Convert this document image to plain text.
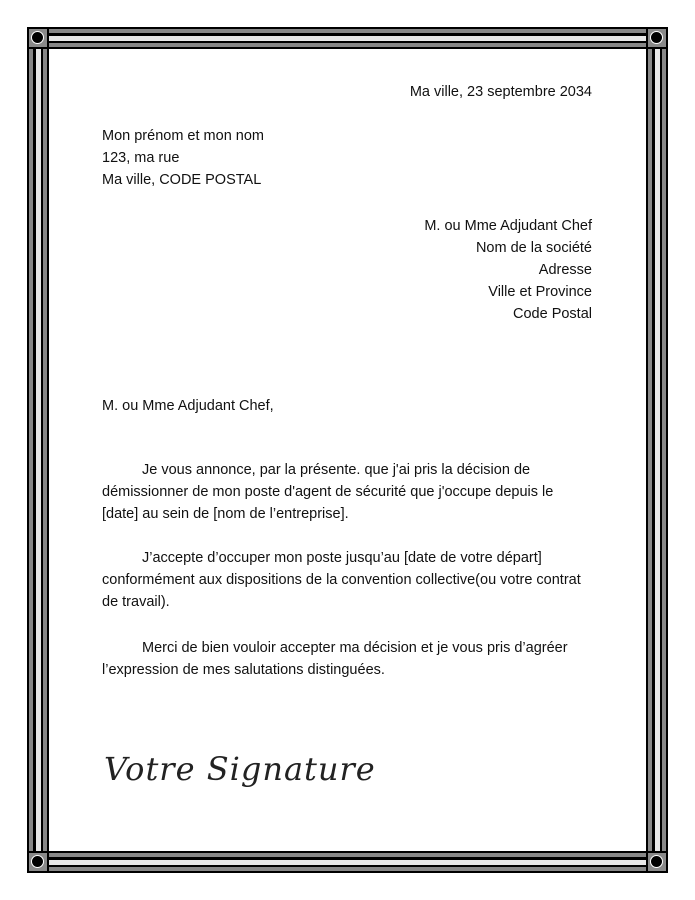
Ma ville, 23 septembre 2034
Mon prénom et mon nom
123, ma rue
Ma ville, CODE POSTAL
M. ou Mme Adjudant Chef
Nom de la société
Adresse
Ville et Province
Code Postal
M. ou Mme Adjudant Chef,
Je vous annonce, par la présente. que j'ai pris la décision de
démissionner de mon poste d'agent de sécurité que j'occupe depuis le
[date] au sein de [nom de l’entreprise].
J’accepte d’occuper mon poste jusqu’au [date de votre départ]
conformément aux dispositions de la convention collective(ou votre contrat
de travail).
Merci de bien vouloir accepter ma décision et je vous pris d’agréer
l’expression de mes salutations distinguées.
Votre Signature
